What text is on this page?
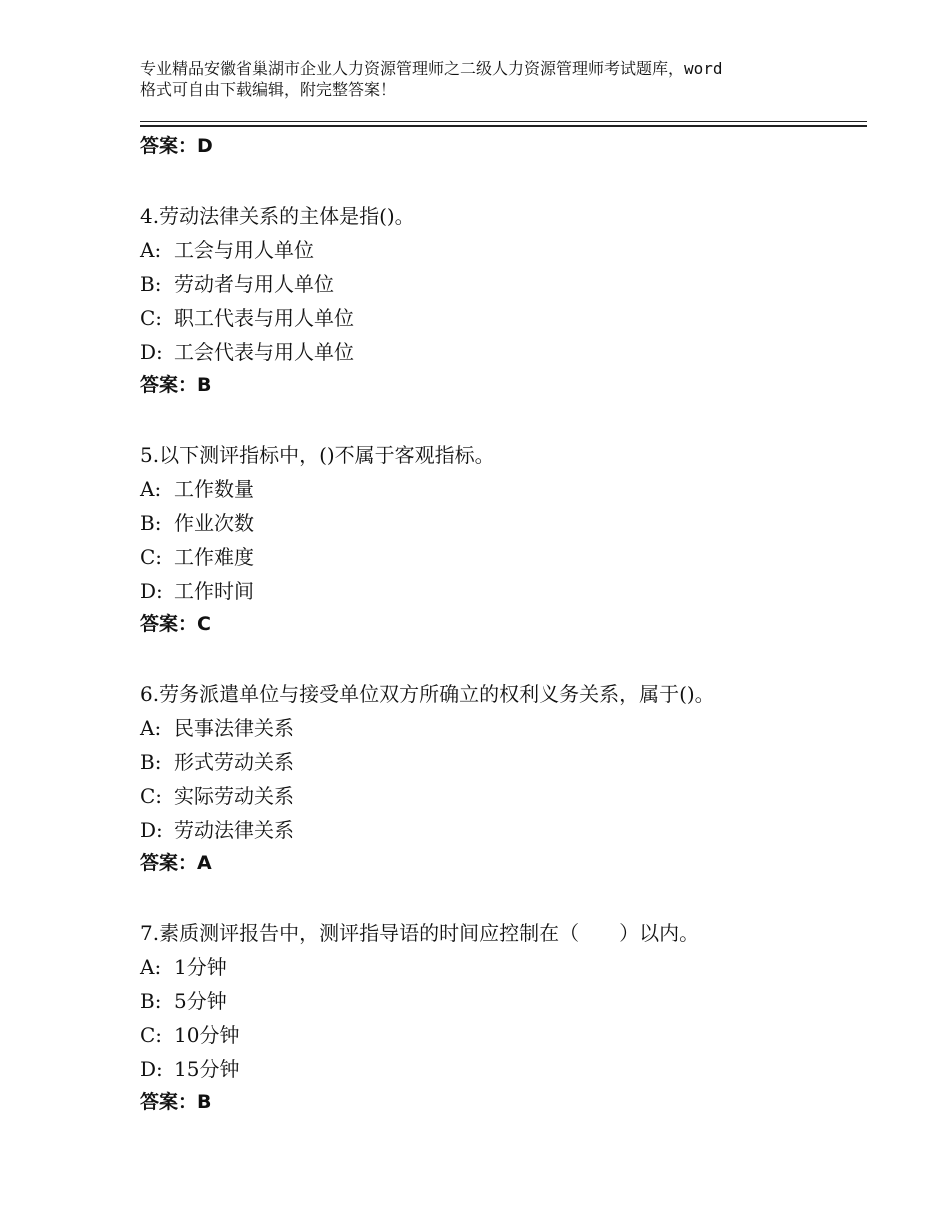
专业精品安徽省巢湖市企业人力资源管理师之二级人力资源管理师考试题库，word
格式可自由下载编辑，附完整答案！
答案：D
4.劳动法律关系的主体是指()。
A: 工会与用人单位
B: 劳动者与用人单位
C: 职工代表与用人单位
D: 工会代表与用人单位
答案：B
5.以下测评指标中，()不属于客观指标。
A: 工作数量
B: 作业次数
C: 工作难度
D: 工作时间
答案：C
6.劳务派遣单位与接受单位双方所确立的权利义务关系，属于()。
A: 民事法律关系
B: 形式劳动关系
C: 实际劳动关系
D: 劳动法律关系
答案：A
7.素质测评报告中，测评指导语的时间应控制在（　　）以内。
A: 1分钟
B: 5分钟
C: 10分钟
D: 15分钟
答案：B
